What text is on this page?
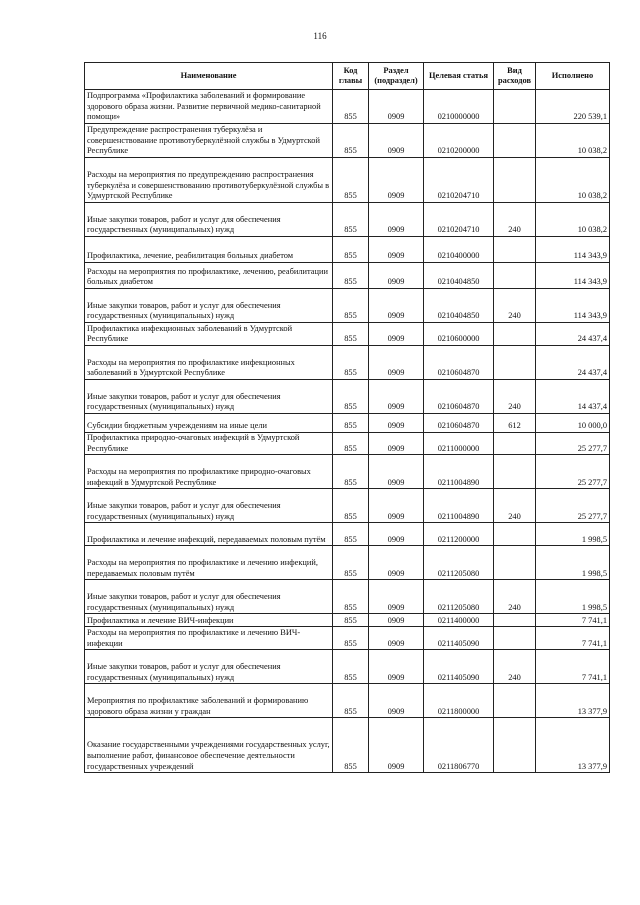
116
Наименование	Код главы	Раздел (подраздел)	Целевая статья	Вид расходов	Исполнено
Подпрограмма «Профилактика заболеваний и формирование здорового образа жизни. Развитие первичной медико-санитарной помощи»	855	0909	0210000000		220 539,1
Предупреждение распространения туберкулёза и совершенствование противотуберкулёзной службы в Удмуртской Республике	855	0909	0210200000		10 038,2
Расходы на мероприятия по предупреждению распространения туберкулёза и совершенствованию противотуберкулёзной службы в Удмуртской Республике	855	0909	0210204710		10 038,2
Иные закупки товаров, работ и услуг для обеспечения государственных (муниципальных) нужд	855	0909	0210204710	240	10 038,2
Профилактика, лечение, реабилитация больных диабетом	855	0909	0210400000		114 343,9
Расходы на мероприятия по профилактике, лечению, реабилитации больных диабетом	855	0909	0210404850		114 343,9
Иные закупки товаров, работ и услуг для обеспечения государственных (муниципальных) нужд	855	0909	0210404850	240	114 343,9
Профилактика инфекционных заболеваний в Удмуртской Республике	855	0909	0210600000		24 437,4
Расходы на мероприятия по профилактике инфекционных заболеваний в Удмуртской Республике	855	0909	0210604870		24 437,4
Иные закупки товаров, работ и услуг для обеспечения государственных (муниципальных) нужд	855	0909	0210604870	240	14 437,4
Субсидии бюджетным учреждениям на иные цели	855	0909	0210604870	612	10 000,0
Профилактика природно-очаговых инфекций в Удмуртской Республике	855	0909	0211000000		25 277,7
Расходы на мероприятия по профилактике природно-очаговых инфекций в Удмуртской Республике	855	0909	0211004890		25 277,7
Иные закупки товаров, работ и услуг для обеспечения государственных (муниципальных) нужд	855	0909	0211004890	240	25 277,7
Профилактика и лечение инфекций, передаваемых половым путём	855	0909	0211200000		1 998,5
Расходы на мероприятия по профилактике и лечению инфекций, передаваемых половым путём	855	0909	0211205080		1 998,5
Иные закупки товаров, работ и услуг для обеспечения государственных (муниципальных) нужд	855	0909	0211205080	240	1 998,5
Профилактика и лечение ВИЧ-инфекции	855	0909	0211400000		7 741,1
Расходы на мероприятия по профилактике и лечению ВИЧ-инфекции	855	0909	0211405090		7 741,1
Иные закупки товаров, работ и услуг для обеспечения государственных (муниципальных) нужд	855	0909	0211405090	240	7 741,1
Мероприятия по профилактике заболеваний и формированию здорового образа жизни у граждан	855	0909	0211800000		13 377,9
Оказание государственными учреждениями государственных услуг, выполнение работ, финансовое обеспечение деятельности государственных учреждений	855	0909	0211806770		13 377,9
